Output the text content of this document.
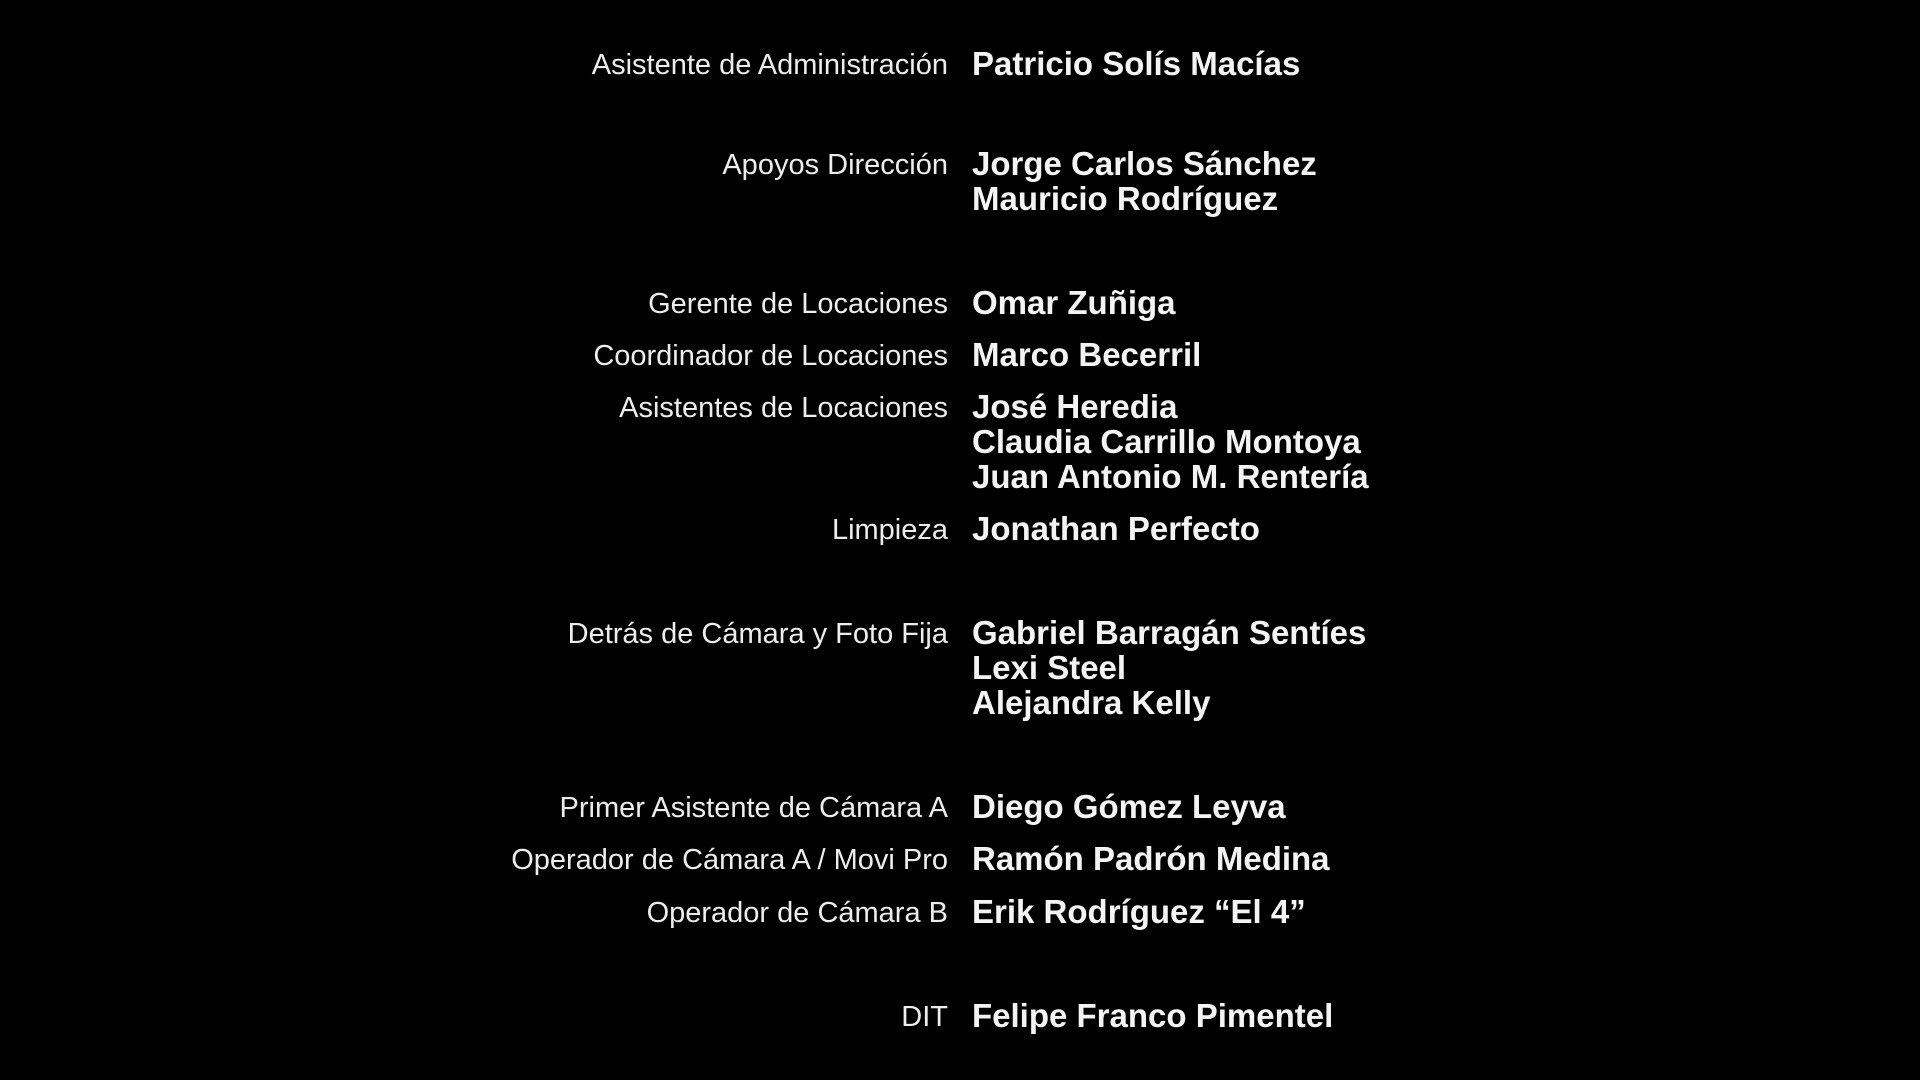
Asistente de Administración Patricio Solís Macías
Apoyos Dirección Jorge Carlos Sánchez
Mauricio Rodríguez
Gerente de Locaciones Omar Zuñiga
Coordinador de Locaciones Marco Becerril
Asistentes de Locaciones José Heredia
Claudia Carrillo Montoya
Juan Antonio M. Rentería
Limpieza Jonathan Perfecto
Detrás de Cámara y Foto Fija Gabriel Barragán Sentíes
Lexi Steel
Alejandra Kelly
Primer Asistente de Cámara A Diego Gómez Leyva
Operador de Cámara A / Movi Pro Ramón Padrón Medina
Operador de Cámara B Erik Rodríguez “El 4”
DIT Felipe Franco Pimentel
